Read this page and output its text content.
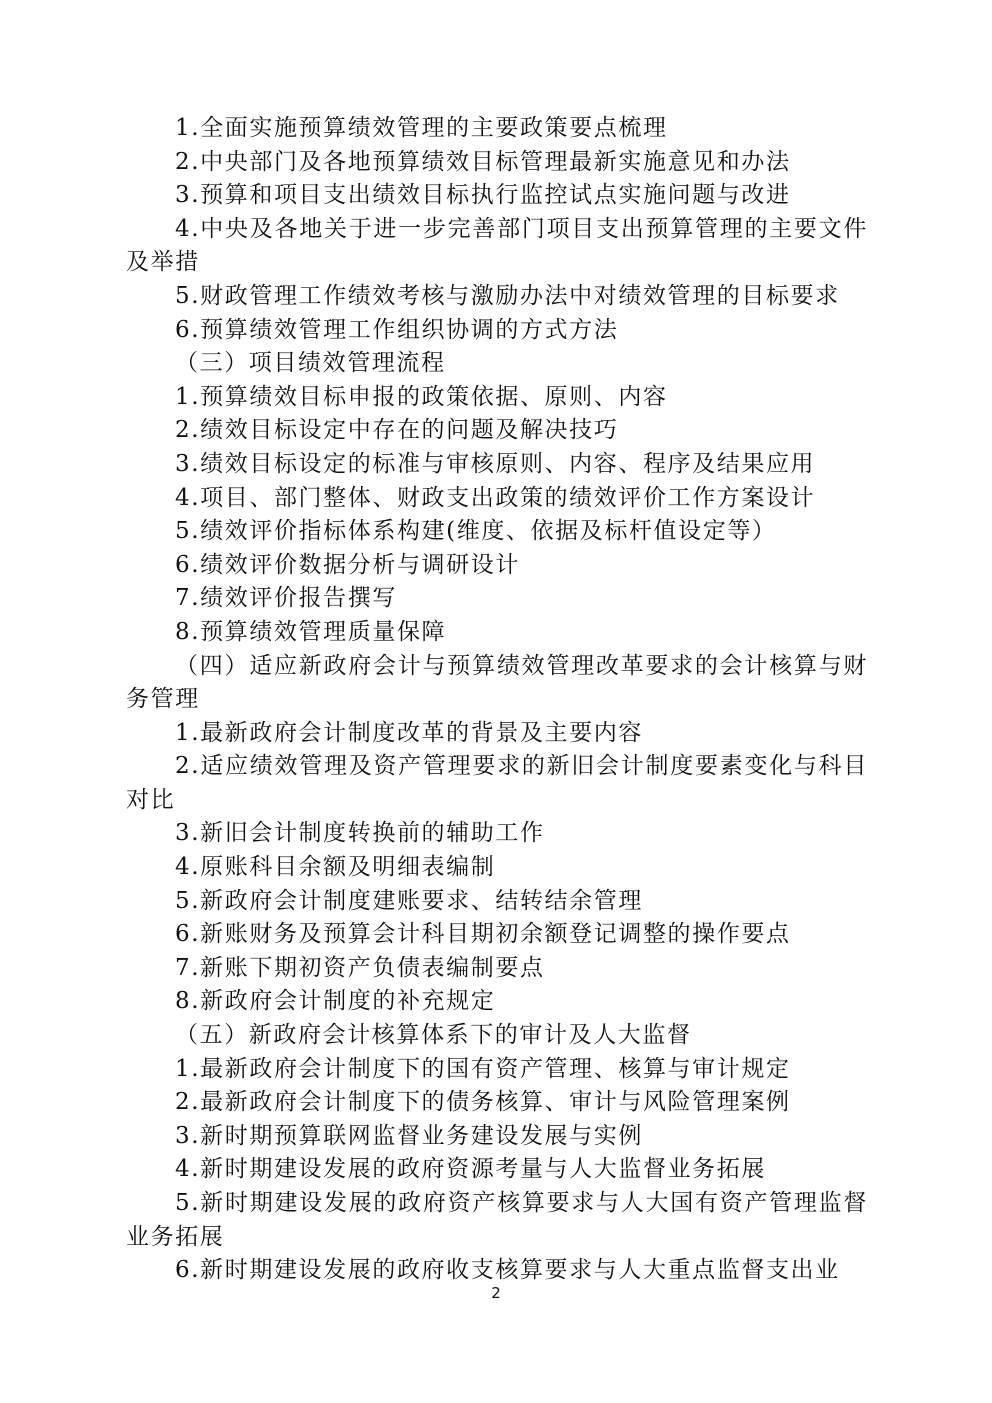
1.全面实施预算绩效管理的主要政策要点梳理

2.中央部门及各地预算绩效目标管理最新实施意见和办法

3.预算和项目支出绩效目标执行监控试点实施问题与改进

4.中央及各地关于进一步完善部门项目支出预算管理的主要文件及举措

5.财政管理工作绩效考核与激励办法中对绩效管理的目标要求

6.预算绩效管理工作组织协调的方式方法

（三）项目绩效管理流程

1.预算绩效目标申报的政策依据、原则、内容

2.绩效目标设定中存在的问题及解决技巧

3.绩效目标设定的标准与审核原则、内容、程序及结果应用

4.项目、部门整体、财政支出政策的绩效评价工作方案设计

5.绩效评价指标体系构建(维度、依据及标杆值设定等）

6.绩效评价数据分析与调研设计

7.绩效评价报告撰写

8.预算绩效管理质量保障

（四）适应新政府会计与预算绩效管理改革要求的会计核算与财务管理

1.最新政府会计制度改革的背景及主要内容

2.适应绩效管理及资产管理要求的新旧会计制度要素变化与科目对比

3.新旧会计制度转换前的辅助工作

4.原账科目余额及明细表编制

5.新政府会计制度建账要求、结转结余管理

6.新账财务及预算会计科目期初余额登记调整的操作要点

7.新账下期初资产负债表编制要点

8.新政府会计制度的补充规定

（五）新政府会计核算体系下的审计及人大监督

1.最新政府会计制度下的国有资产管理、核算与审计规定

2.最新政府会计制度下的债务核算、审计与风险管理案例

3.新时期预算联网监督业务建设发展与实例

4.新时期建设发展的政府资源考量与人大监督业务拓展

5.新时期建设发展的政府资产核算要求与人大国有资产管理监督业务拓展

6.新时期建设发展的政府收支核算要求与人大重点监督支出业

2
